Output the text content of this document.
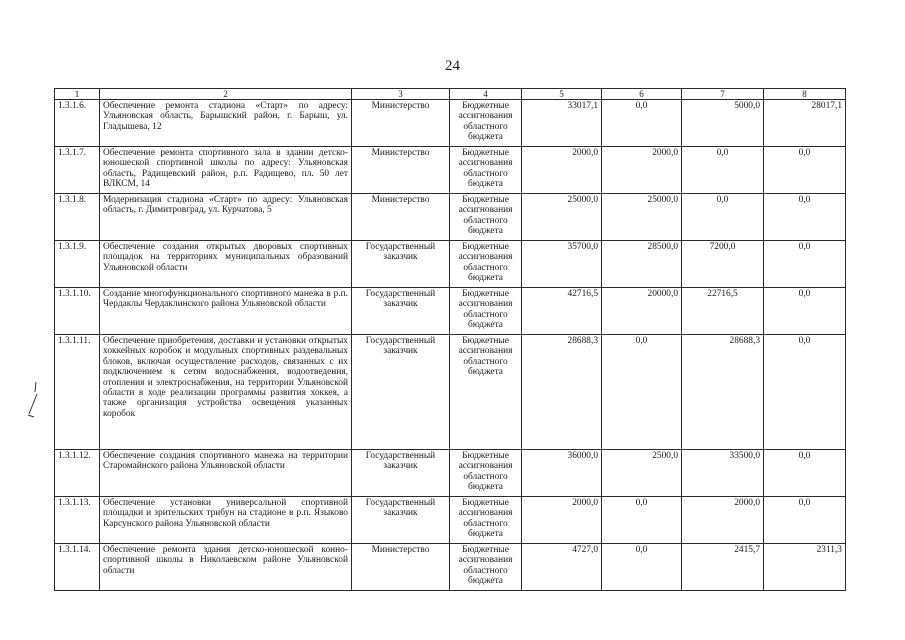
24
1	2	3	4	5	6	7	8
1.3.1.6.	Обеспечение ремонта стадиона «Старт» по адресу: Ульяновская область, Барышский район, г. Барыш, ул. Гладышева, 12	Министерство	Бюджетные ассигнования областного бюджета	33017,1	0,0	5000,0	28017,1
1.3.1.7.	Обеспечение ремонта спортивного зала в здании детско-юношеской спортивной школы по адресу: Ульяновская область, Радищевский район, р.п. Радищево, пл. 50 лет ВЛКСМ, 14	Министерство	Бюджетные ассигнования областного бюджета	2000,0	2000,0	0,0	0,0
1.3.1.8.	Модернизация стадиона «Старт» по адресу: Ульяновская область, г. Димитровград, ул. Курчатова, 5	Министерство	Бюджетные ассигнования областного бюджета	25000,0	25000,0	0,0	0,0
1.3.1.9.	Обеспечение создания открытых дворовых спортивных площадок на территориях муниципальных образований Ульяновской области	Государственный заказчик	Бюджетные ассигнования областного бюджета	35700,0	28500,0	7200,0	0,0
1.3.1.10.	Создание многофункционального спортивного манежа в р.п. Чердаклы Чердаклинского района Ульяновской области	Государственный заказчик	Бюджетные ассигнования областного бюджета	42716,5	20000,0	22716,5	0,0
1.3.1.11.	Обеспечение приобретения, доставки и установки открытых хоккейных коробок и модульных спортивных раздевальных блоков, включая осуществление расходов, связанных с их подключением к сетям водоснабжения, водоотведения, отопления и электроснабжения, на территории Ульяновской области в ходе реализации программы развития хоккея, а также организация устройства освещения указанных коробок	Государственный заказчик	Бюджетные ассигнования областного бюджета	28688,3	0,0	28688,3	0,0
1.3.1.12.	Обеспечение создания спортивного манежа на территории Старомайнского района Ульяновской области	Государственный заказчик	Бюджетные ассигнования областного бюджета	36000,0	2500,0	33500,0	0,0
1.3.1.13.	Обеспечение установки универсальной спортивной площадки и зрительских трибун на стадионе в р.п. Языково Карсунского района Ульяновской области	Государственный заказчик	Бюджетные ассигнования областного бюджета	2000,0	0,0	2000,0	0,0
1.3.1.14.	Обеспечение ремонта здания детско-юношеской конно-спортивной школы в Николаевском районе Ульяновской области	Министерство	Бюджетные ассигнования областного бюджета	4727,0	0,0	2415,7	2311,3
